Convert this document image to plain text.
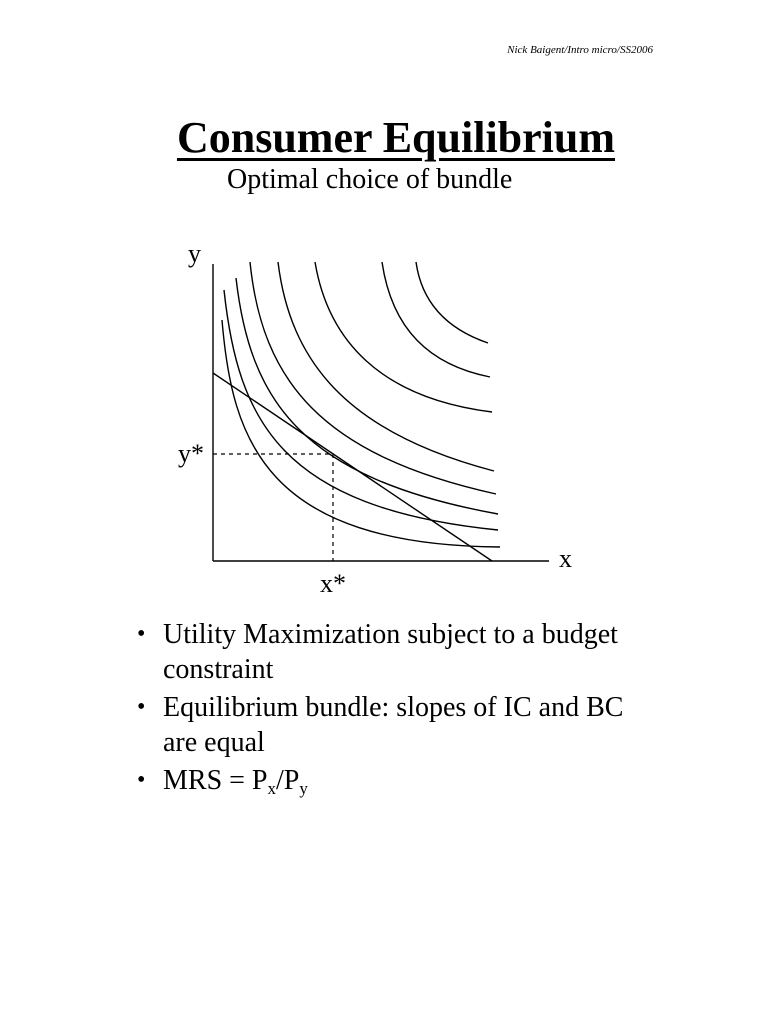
Nick Baigent/Intro micro/SS2006
Consumer Equilibrium
Optimal choice of bundle
y
x
y*
x*
• Utility Maximization subject to a budget constraint
• Equilibrium bundle: slopes of IC and BC are equal
• MRS = $P_x/P_y$
